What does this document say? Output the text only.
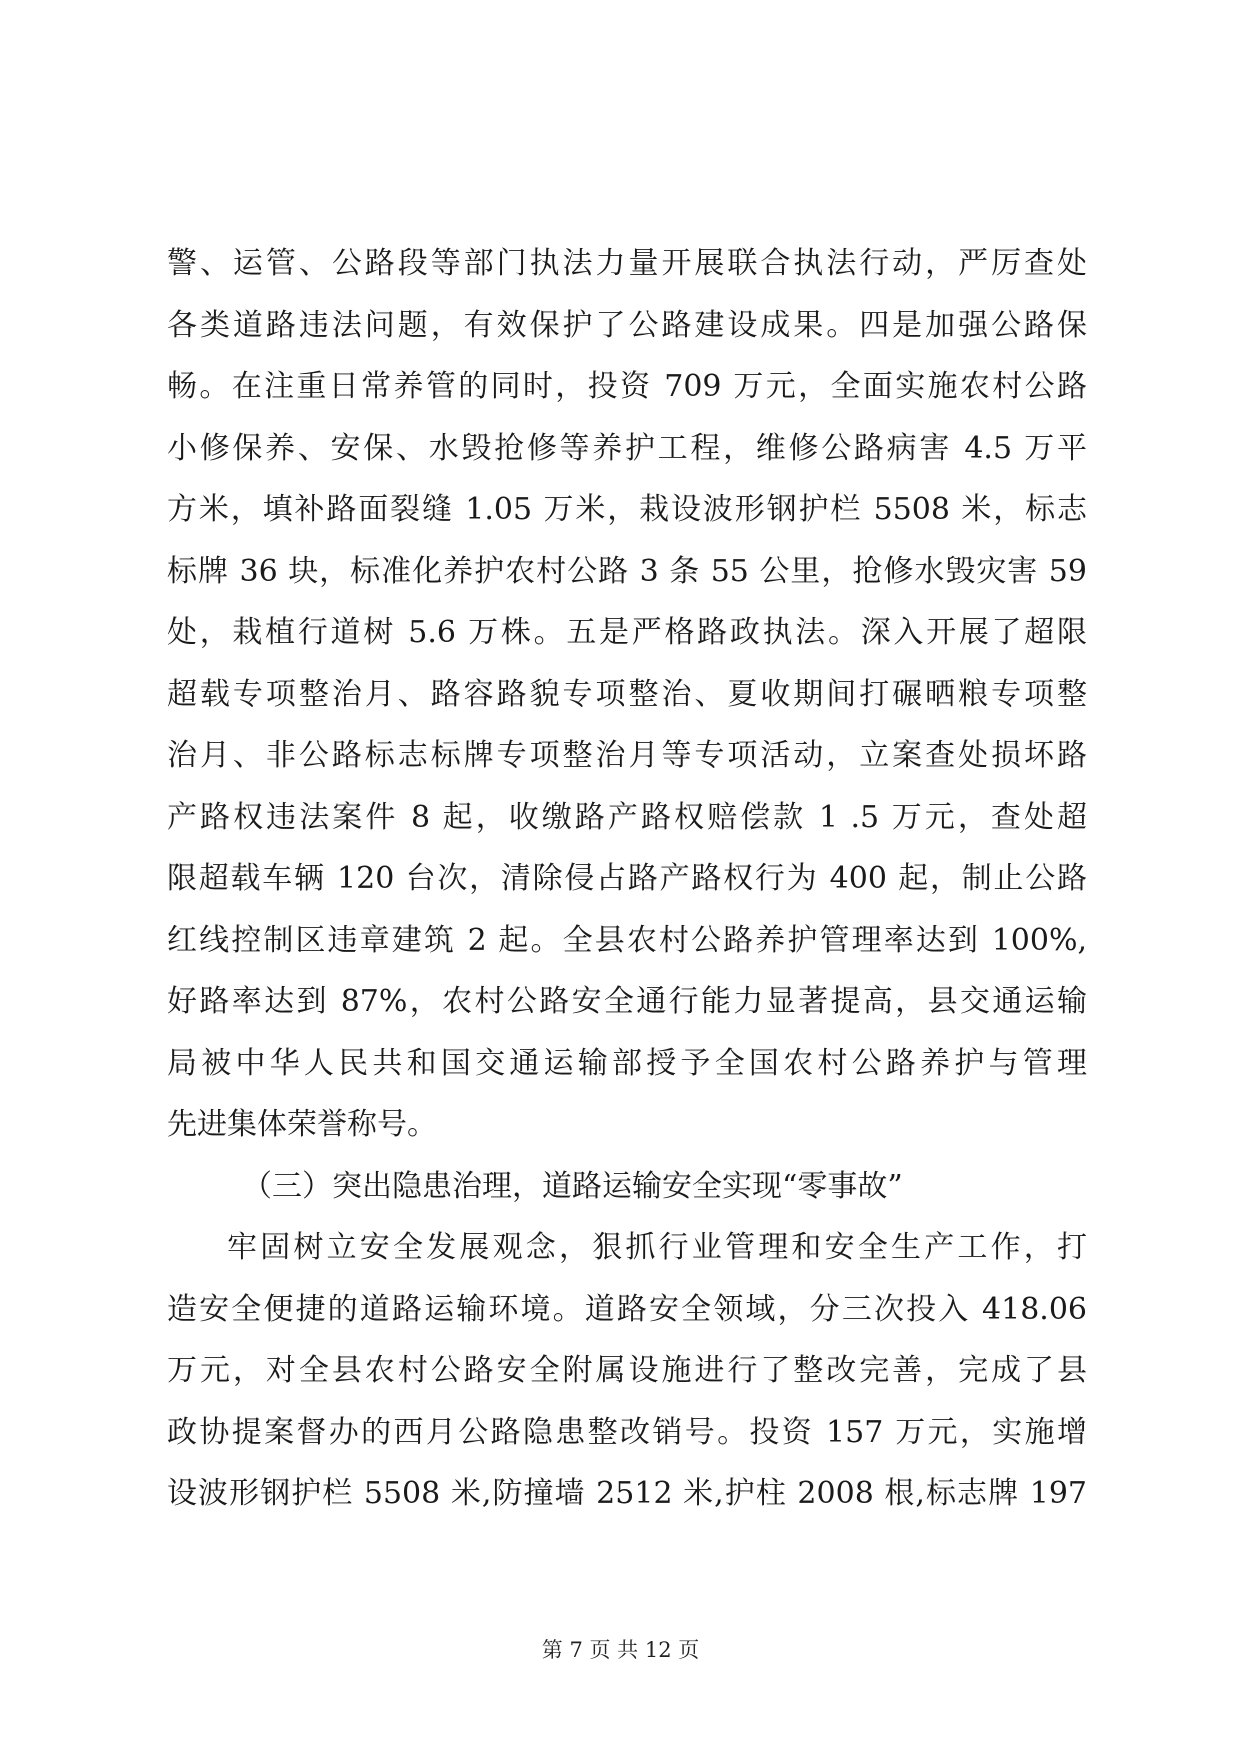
警、运管、公路段等部门执法力量开展联合执法行动，严厉查处
各类道路违法问题，有效保护了公路建设成果。四是加强公路保
畅。在注重日常养管的同时，投资 709 万元，全面实施农村公路
小修保养、安保、水毁抢修等养护工程，维修公路病害 4.5 万平
方米，填补路面裂缝 1.05 万米，栽设波形钢护栏 5508 米，标志
标牌 36 块，标准化养护农村公路 3 条 55 公里，抢修水毁灾害 59
处，栽植行道树 5.6 万株。五是严格路政执法。深入开展了超限
超载专项整治月、路容路貌专项整治、夏收期间打碾晒粮专项整
治月、非公路标志标牌专项整治月等专项活动，立案查处损坏路
产路权违法案件 8 起，收缴路产路权赔偿款 1 .5 万元，查处超
限超载车辆 120 台次，清除侵占路产路权行为 400 起，制止公路
红线控制区违章建筑 2 起。全县农村公路养护管理率达到 100%,
好路率达到 87%，农村公路安全通行能力显著提高，县交通运输
局被中华人民共和国交通运输部授予全国农村公路养护与管理
先进集体荣誉称号。
（三）突出隐患治理，道路运输安全实现“零事故”
牢固树立安全发展观念，狠抓行业管理和安全生产工作，打
造安全便捷的道路运输环境。道路安全领域，分三次投入 418.06
万元，对全县农村公路安全附属设施进行了整改完善，完成了县
政协提案督办的西月公路隐患整改销号。投资 157 万元，实施增
设波形钢护栏 5508 米,防撞墙 2512 米,护柱 2008 根,标志牌 197
第 7 页 共 12 页
